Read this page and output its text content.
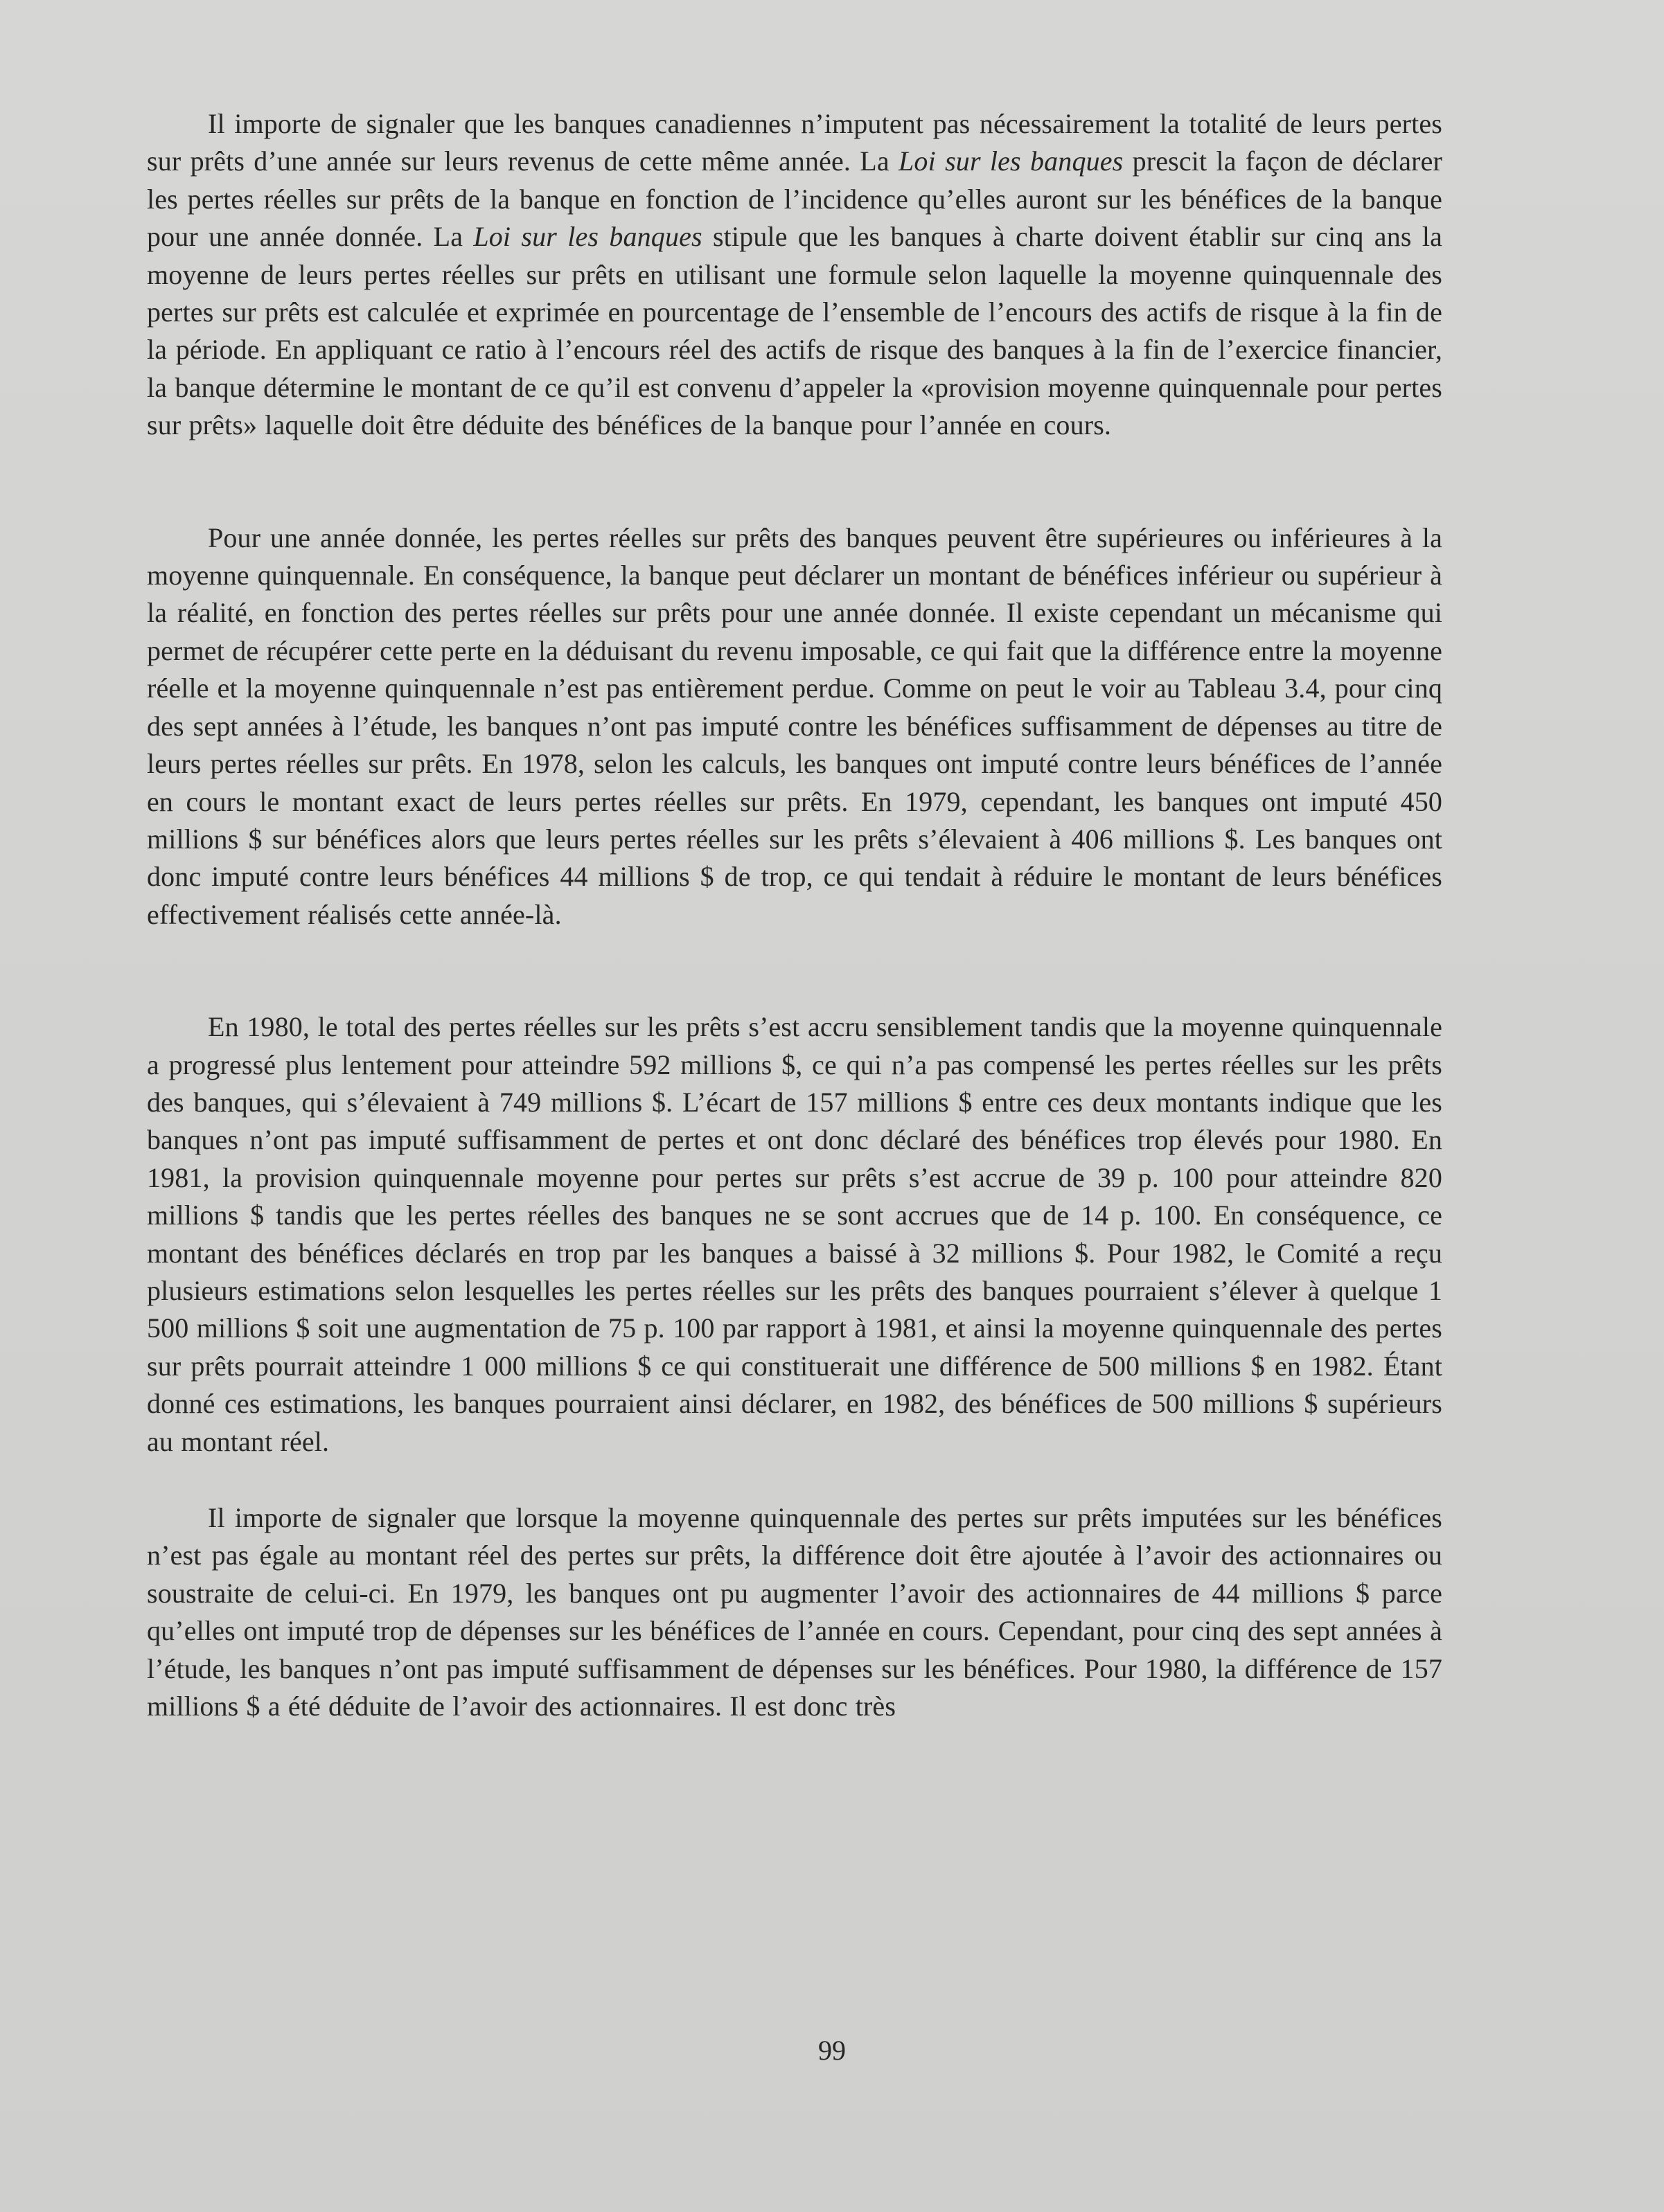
Il importe de signaler que les banques canadiennes n’imputent pas nécessairement la totalité de leurs pertes sur prêts d’une année sur leurs revenus de cette même année. La Loi sur les banques prescit la façon de déclarer les pertes réelles sur prêts de la banque en fonction de l’incidence qu’elles auront sur les bénéfices de la banque pour une année donnée. La Loi sur les banques stipule que les banques à charte doivent établir sur cinq ans la moyenne de leurs pertes réelles sur prêts en utilisant une formule selon laquelle la moyenne quinquennale des pertes sur prêts est calculée et exprimée en pourcentage de l’ensemble de l’encours des actifs de risque à la fin de la période. En appliquant ce ratio à l’encours réel des actifs de risque des banques à la fin de l’exercice financier, la banque détermine le montant de ce qu’il est convenu d’appeler la «provision moyenne quinquennale pour pertes sur prêts» laquelle doit être déduite des bénéfices de la banque pour l’année en cours.

Pour une année donnée, les pertes réelles sur prêts des banques peuvent être supérieures ou inférieures à la moyenne quinquennale. En conséquence, la banque peut déclarer un montant de bénéfices inférieur ou supérieur à la réalité, en fonction des pertes réelles sur prêts pour une année donnée. Il existe cependant un mécanisme qui permet de récupérer cette perte en la déduisant du revenu imposable, ce qui fait que la différence entre la moyenne réelle et la moyenne quinquennale n’est pas entièrement perdue. Comme on peut le voir au Tableau 3.4, pour cinq des sept années à l’étude, les banques n’ont pas imputé contre les bénéfices suffisamment de dépenses au titre de leurs pertes réelles sur prêts. En 1978, selon les calculs, les banques ont imputé contre leurs bénéfices de l’année en cours le montant exact de leurs pertes réelles sur prêts. En 1979, cependant, les banques ont imputé 450 millions $ sur bénéfices alors que leurs pertes réelles sur les prêts s’élevaient à 406 millions $. Les banques ont donc imputé contre leurs bénéfices 44 millions $ de trop, ce qui tendait à réduire le montant de leurs bénéfices effectivement réalisés cette année-là.

En 1980, le total des pertes réelles sur les prêts s’est accru sensiblement tandis que la moyenne quinquennale a progressé plus lentement pour atteindre 592 millions $, ce qui n’a pas compensé les pertes réelles sur les prêts des banques, qui s’élevaient à 749 millions $. L’écart de 157 millions $ entre ces deux montants indique que les banques n’ont pas imputé suffisamment de pertes et ont donc déclaré des bénéfices trop élevés pour 1980. En 1981, la provision quinquennale moyenne pour pertes sur prêts s’est accrue de 39 p. 100 pour atteindre 820 millions $ tandis que les pertes réelles des banques ne se sont accrues que de 14 p. 100. En conséquence, ce montant des bénéfices déclarés en trop par les banques a baissé à 32 millions $. Pour 1982, le Comité a reçu plusieurs estimations selon lesquelles les pertes réelles sur les prêts des banques pourraient s’élever à quelque 1 500 millions $ soit une augmentation de 75 p. 100 par rapport à 1981, et ainsi la moyenne quinquennale des pertes sur prêts pourrait atteindre 1 000 millions $ ce qui constituerait une différence de 500 millions $ en 1982. Étant donné ces estimations, les banques pourraient ainsi déclarer, en 1982, des bénéfices de 500 millions $ supérieurs au montant réel.

Il importe de signaler que lorsque la moyenne quinquennale des pertes sur prêts imputées sur les bénéfices n’est pas égale au montant réel des pertes sur prêts, la différence doit être ajoutée à l’avoir des actionnaires ou soustraite de celui-ci. En 1979, les banques ont pu augmenter l’avoir des actionnaires de 44 millions $ parce qu’elles ont imputé trop de dépenses sur les bénéfices de l’année en cours. Cependant, pour cinq des sept années à l’étude, les banques n’ont pas imputé suffisamment de dépenses sur les bénéfices. Pour 1980, la différence de 157 millions $ a été déduite de l’avoir des actionnaires. Il est donc très

99
